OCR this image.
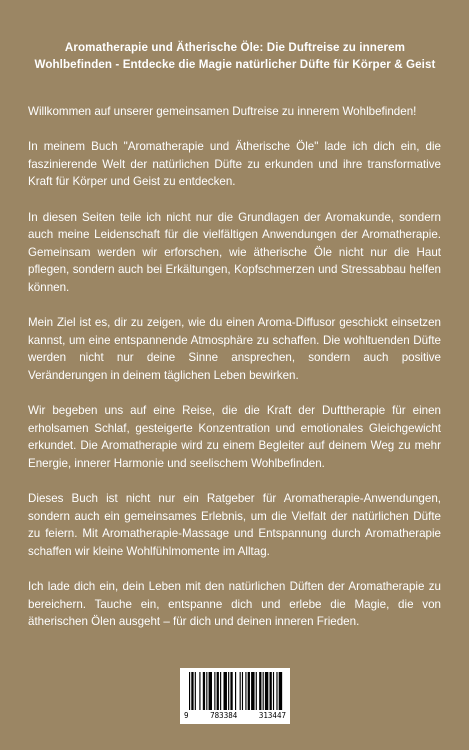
Aromatherapie und Ätherische Öle: Die Duftreise zu innerem Wohlbefinden - Entdecke die Magie natürlicher Düfte für Körper & Geist

Willkommen auf unserer gemeinsamen Duftreise zu innerem Wohlbefinden!

In meinem Buch "Aromatherapie und Ätherische Öle" lade ich dich ein, die faszinierende Welt der natürlichen Düfte zu erkunden und ihre transformative Kraft für Körper und Geist zu entdecken.

In diesen Seiten teile ich nicht nur die Grundlagen der Aromakunde, sondern auch meine Leidenschaft für die vielfältigen Anwendungen der Aromatherapie. Gemeinsam werden wir erforschen, wie ätherische Öle nicht nur die Haut pflegen, sondern auch bei Erkältungen, Kopfschmerzen und Stressabbau helfen können.

Mein Ziel ist es, dir zu zeigen, wie du einen Aroma-Diffusor geschickt einsetzen kannst, um eine entspannende Atmosphäre zu schaffen. Die wohltuenden Düfte werden nicht nur deine Sinne ansprechen, sondern auch positive Veränderungen in deinem täglichen Leben bewirken.

Wir begeben uns auf eine Reise, die die Kraft der Dufttherapie für einen erholsamen Schlaf, gesteigerte Konzentration und emotionales Gleichgewicht erkundet. Die Aromatherapie wird zu einem Begleiter auf deinem Weg zu mehr Energie, innerer Harmonie und seelischem Wohlbefinden.

Dieses Buch ist nicht nur ein Ratgeber für Aromatherapie-Anwendungen, sondern auch ein gemeinsames Erlebnis, um die Vielfalt der natürlichen Düfte zu feiern. Mit Aromatherapie-Massage und Entspannung durch Aromatherapie schaffen wir kleine Wohlfühlmomente im Alltag.

Ich lade dich ein, dein Leben mit den natürlichen Düften der Aromatherapie zu bereichern. Tauche ein, entspanne dich und erlebe die Magie, die von ätherischen Ölen ausgeht – für dich und deinen inneren Frieden.

9	783384	313447
